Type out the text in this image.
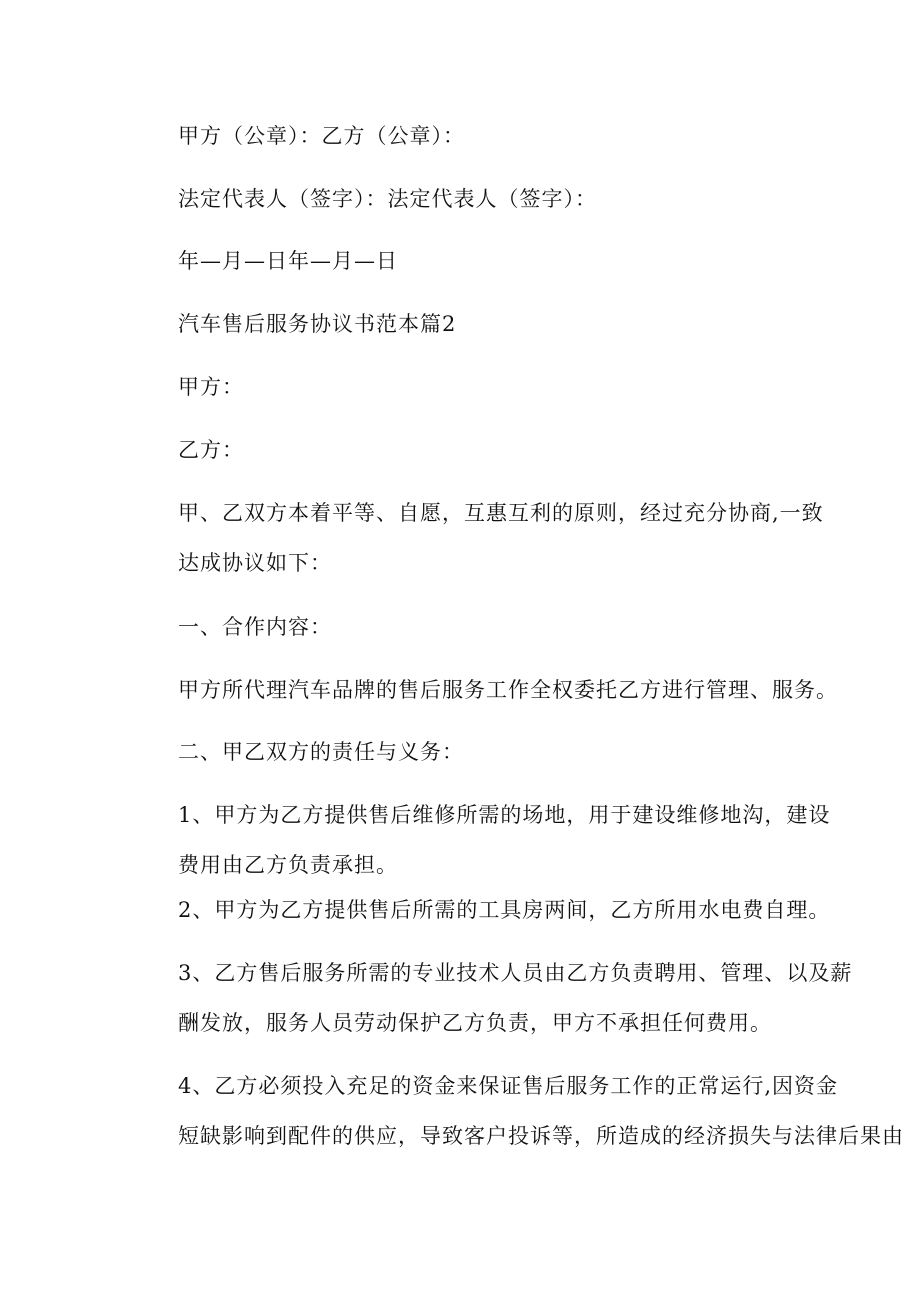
甲方（公章）：乙方（公章）：
法定代表人（签字）：法定代表人（签字）：
年—月—日年—月—日
汽车售后服务协议书范本篇2
甲方：
乙方：
甲、乙双方本着平等、自愿，互惠互利的原则，经过充分协商,一致
达成协议如下：
一、合作内容：
甲方所代理汽车品牌的售后服务工作全权委托乙方进行管理、服务。
二、甲乙双方的责任与义务：
1、甲方为乙方提供售后维修所需的场地，用于建设维修地沟，建设
费用由乙方负责承担。
2、甲方为乙方提供售后所需的工具房两间，乙方所用水电费自理。
3、乙方售后服务所需的专业技术人员由乙方负责聘用、管理、以及薪
酬发放，服务人员劳动保护乙方负责，甲方不承担任何费用。
4、乙方必须投入充足的资金来保证售后服务工作的正常运行,因资金
短缺影响到配件的供应，导致客户投诉等，所造成的经济损失与法律后果由
